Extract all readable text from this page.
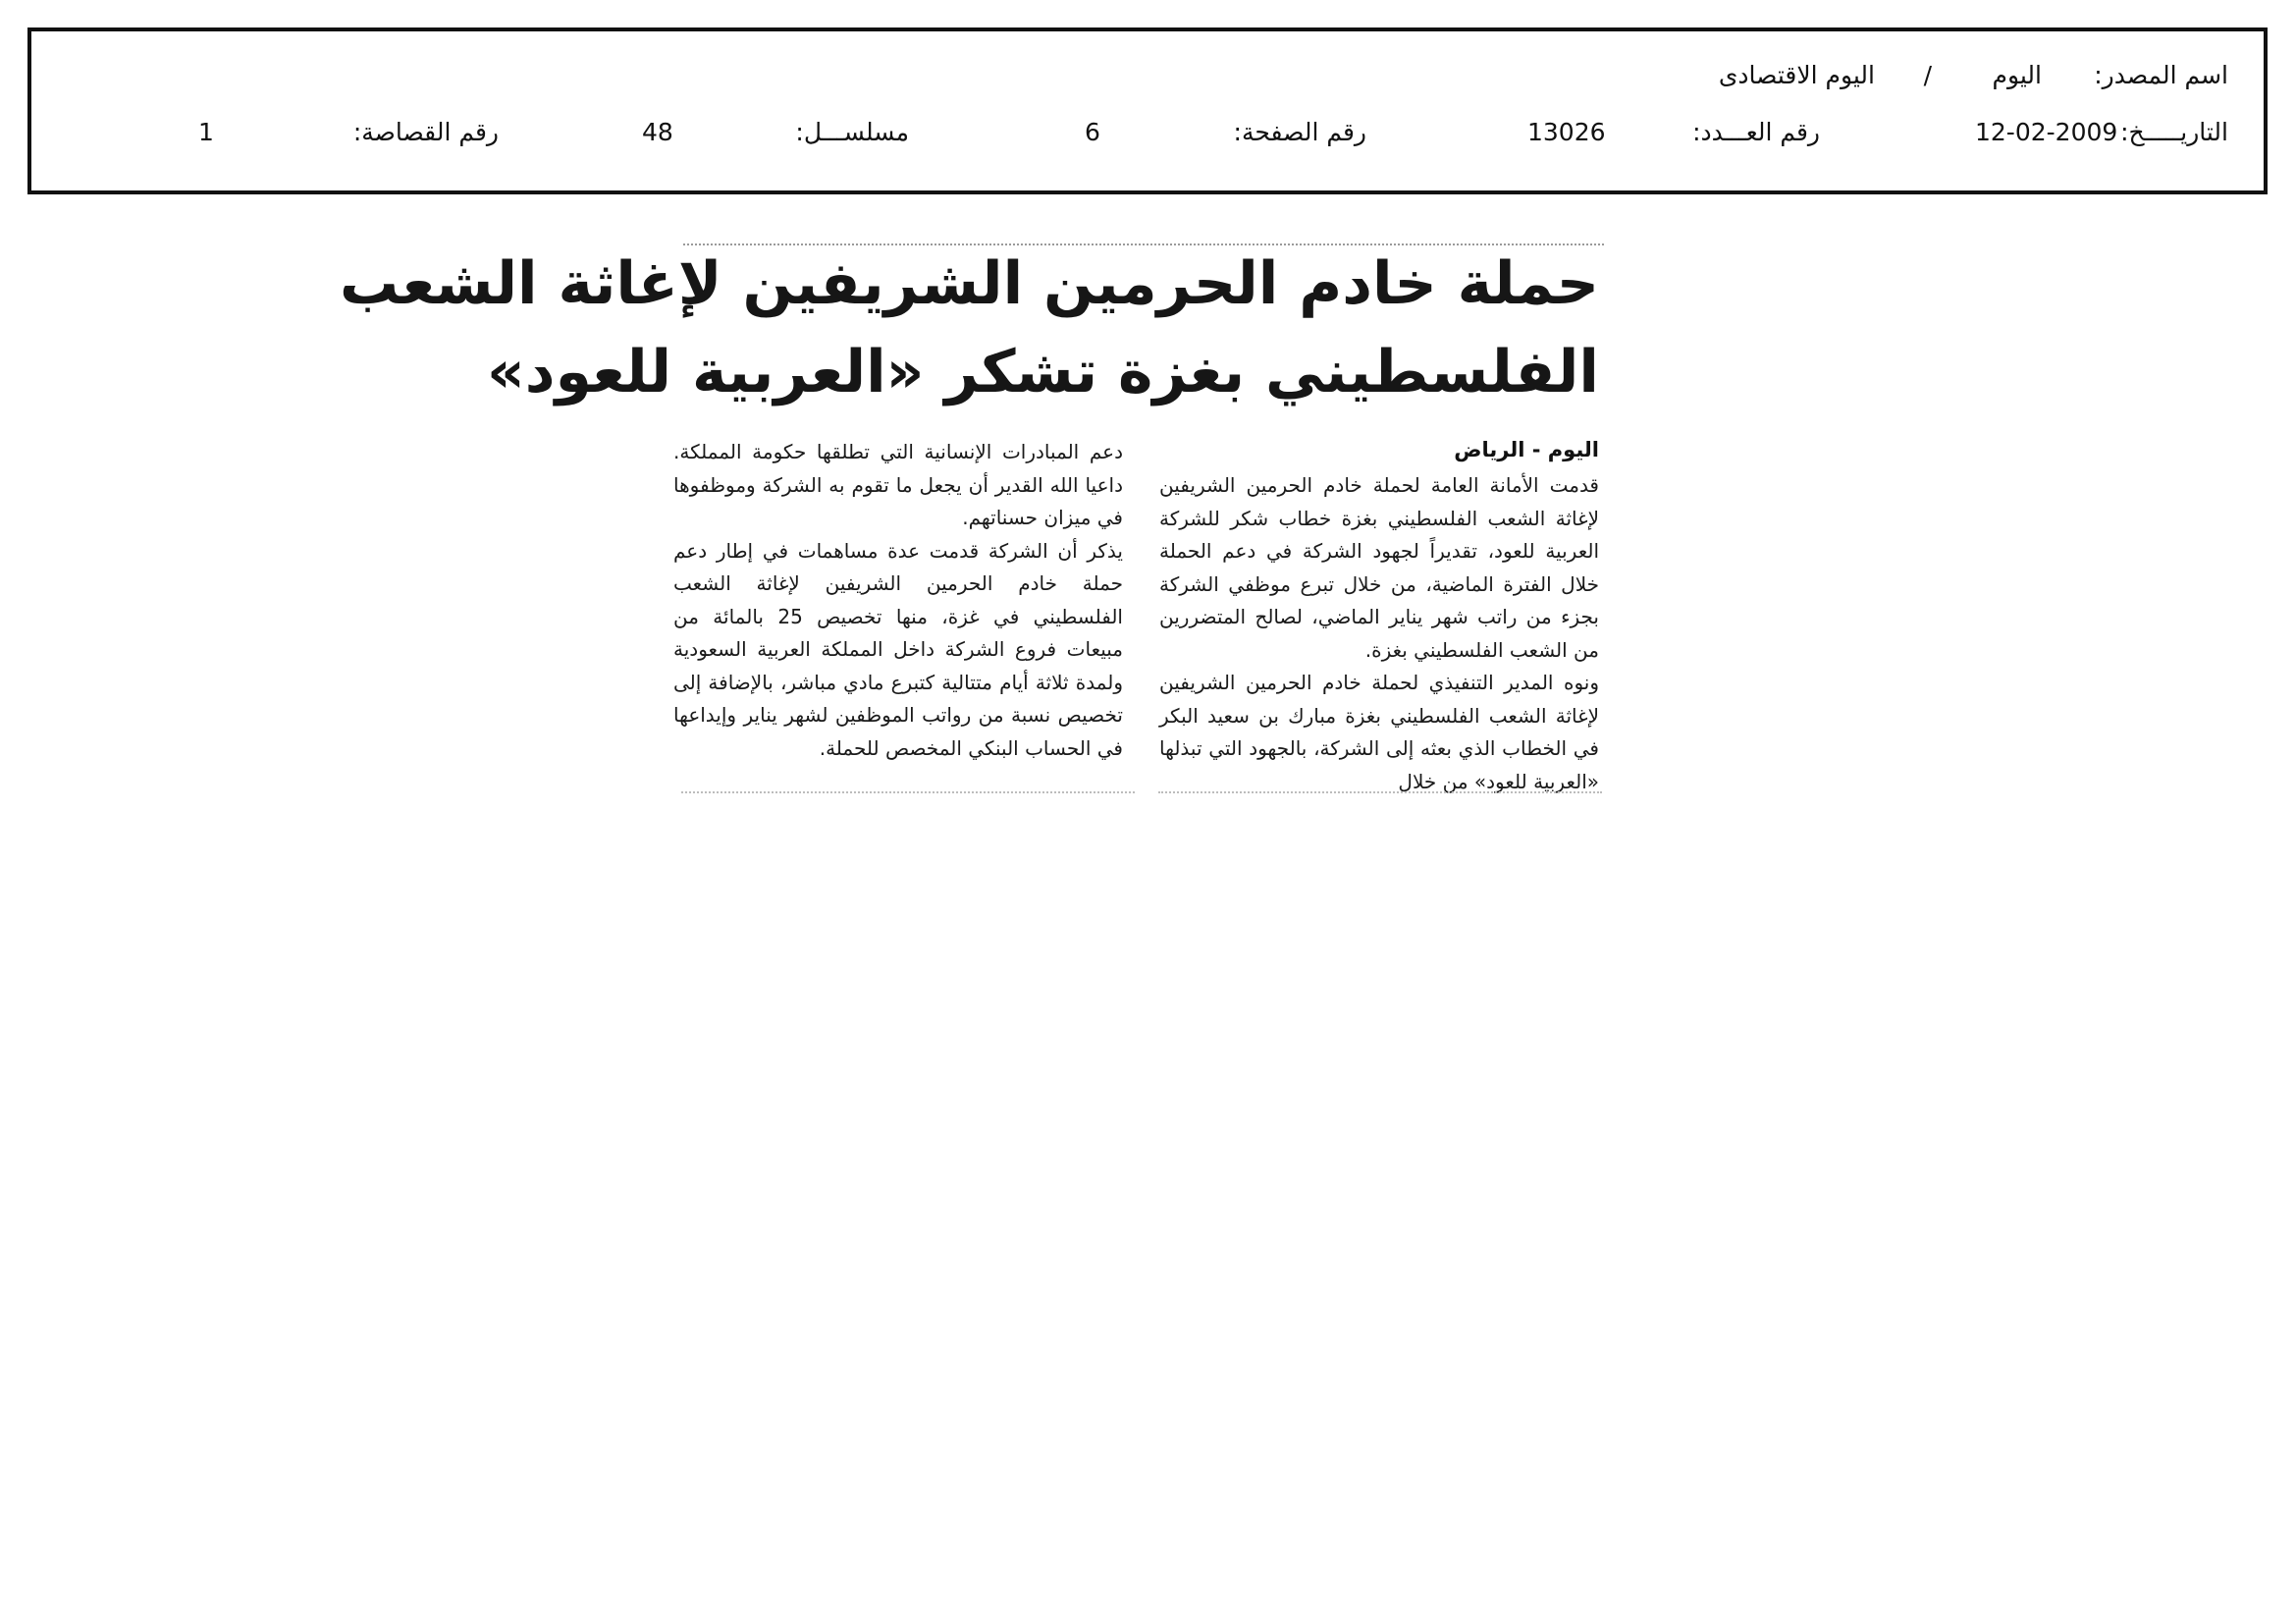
اسم المصدر:
اليوم
/
اليوم الاقتصادى
التاريـــــخ:
12-02-2009
رقم العـــدد:
13026
رقم الصفحة:
6
مسلســـل:
48
رقم القصاصة:
1
حملة خادم الحرمين الشريفين لإغاثة الشعب
الفلسطيني بغزة تشكر «العربية للعود»
اليوم - الرياض

قدمت الأمانة العامة لحملة خادم الحرمين الشريفين لإغاثة الشعب الفلسطيني بغزة خطاب شكر للشركة العربية للعود، تقديراً لجهود الشركة في دعم الحملة خلال الفترة الماضية، من خلال تبرع موظفي الشركة بجزء من راتب شهر يناير الماضي، لصالح المتضررين من الشعب الفلسطيني بغزة.

ونوه المدير التنفيذي لحملة خادم الحرمين الشريفين لإغاثة الشعب الفلسطيني بغزة مبارك بن سعيد البكر في الخطاب الذي بعثه إلى الشركة، بالجهود التي تبذلها «العربية للعود» من خلال

دعم المبادرات الإنسانية التي تطلقها حكومة المملكة. داعيا الله القدير أن يجعل ما تقوم به الشركة وموظفوها في ميزان حسناتهم.

يذكر أن الشركة قدمت عدة مساهمات في إطار دعم حملة خادم الحرمين الشريفين لإغاثة الشعب الفلسطيني في غزة، منها تخصيص 25 بالمائة من مبيعات فروع الشركة داخل المملكة العربية السعودية ولمدة ثلاثة أيام متتالية كتبرع مادي مباشر، بالإضافة إلى تخصيص نسبة من رواتب الموظفين لشهر يناير وإيداعها في الحساب البنكي المخصص للحملة.
